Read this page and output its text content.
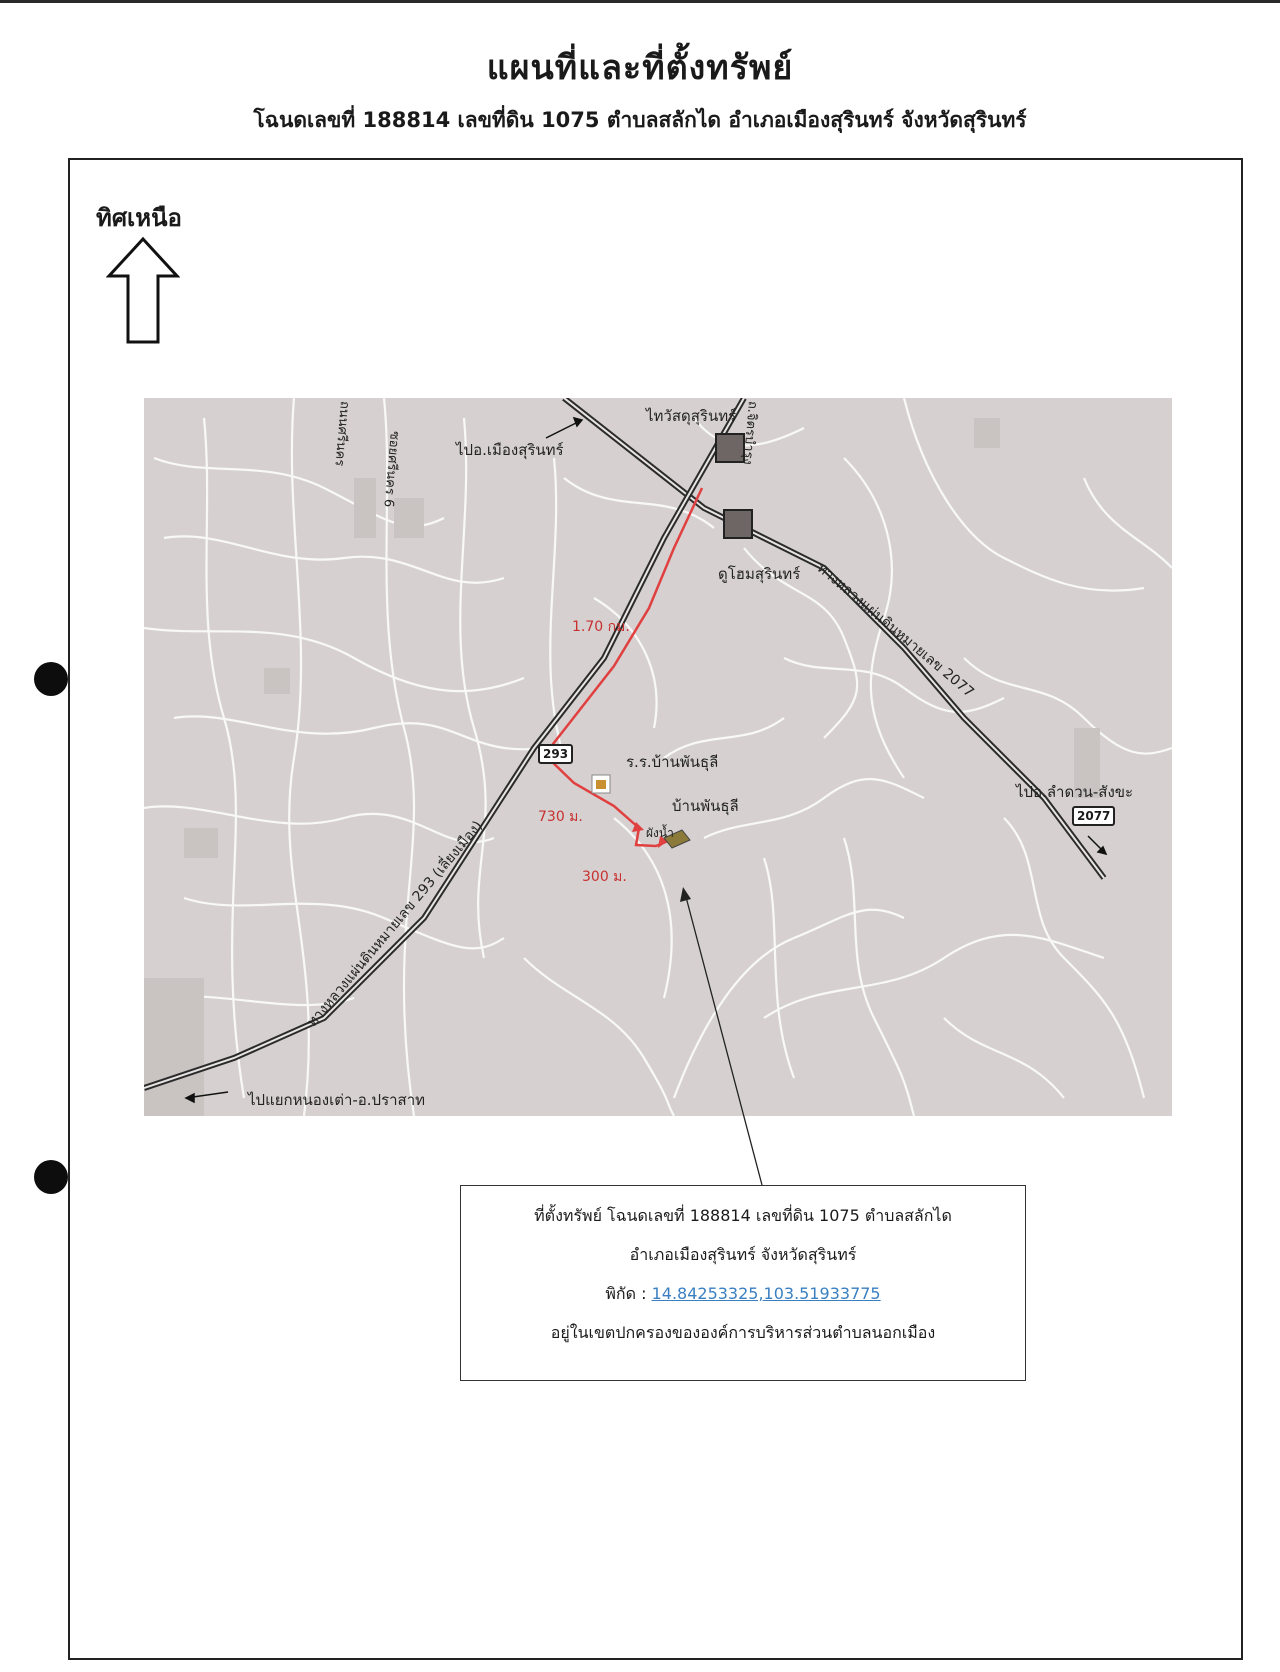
แผนที่และที่ตั้งทรัพย์
โฉนดเลขที่ 188814 เลขที่ดิน 1075 ตำบลสลักได อำเภอเมืองสุรินทร์ จังหวัดสุรินทร์
ทิศเหนือ
ไทวัสดุสุรินทร์
ดูโฮมสุรินทร์
ไปอ.เมืองสุรินทร์
ร.ร.บ้านพันธุลี
บ้านพันธุลี
ผังน้ำ
ไปอ.ลำดวน-สังขะ
ไปแยกหนองเต่า-อ.ปราสาท
1.70 กม.
730 ม.
300 ม.
293
2077
ทางหลวงแผ่นดินหมายเลข 293 (เลี่ยงเมือง)
ทางหลวงแผ่นดินหมายเลข 2077
ถ.จิตรบำรุง
ถนนศรีนคร	ซอยศรีนคร 6
ที่ตั้งทรัพย์ โฉนดเลขที่ 188814 เลขที่ดิน 1075 ตำบลสลักได
อำเภอเมืองสุรินทร์ จังหวัดสุรินทร์
พิกัด : 14.84253325,103.51933775
อยู่ในเขตปกครองขององค์การบริหารส่วนตำบลนอกเมือง
